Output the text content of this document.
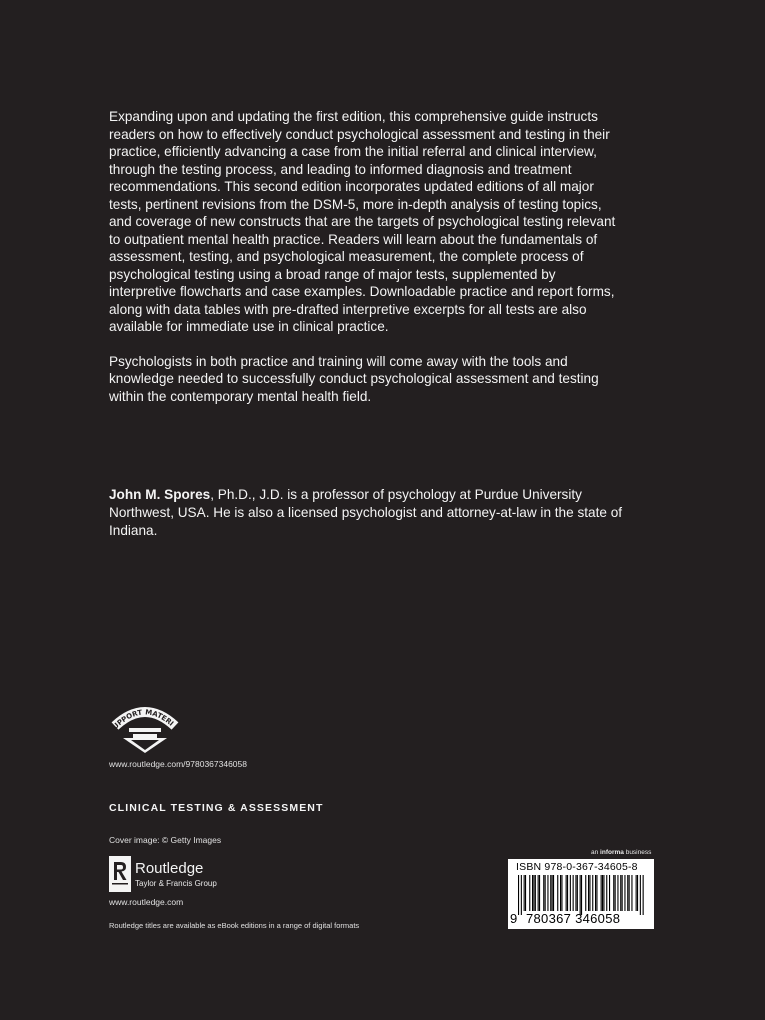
Expanding upon and updating the first edition, this comprehensive guide instructs readers on how to effectively conduct psychological assessment and testing in their practice, efficiently advancing a case from the initial referral and clinical interview, through the testing process, and leading to informed diagnosis and treatment recommendations. This second edition incorporates updated editions of all major tests, pertinent revisions from the DSM-5, more in-depth analysis of testing topics, and coverage of new constructs that are the targets of psychological testing relevant to outpatient mental health practice. Readers will learn about the fundamentals of assessment, testing, and psychological measurement, the complete process of psychological testing using a broad range of major tests, supplemented by interpretive flowcharts and case examples. Downloadable practice and report forms, along with data tables with pre-drafted interpretive excerpts for all tests are also available for immediate use in clinical practice.

Psychologists in both practice and training will come away with the tools and knowledge needed to successfully conduct psychological assessment and testing within the contemporary mental health field.

John M. Spores, Ph.D., J.D. is a professor of psychology at Purdue University Northwest, USA. He is also a licensed psychologist and attorney-at-law in the state of Indiana.
UPPORT MATERI
www.routledge.com/9780367346058
CLINICAL TESTING & ASSESSMENT
Cover image: © Getty Images
Routledge
Taylor & Francis Group
www.routledge.com
Routledge titles are available as eBook editions in a range of digital formats
an informa business
ISBN 978-0-367-34605-8
9 780367 346058
